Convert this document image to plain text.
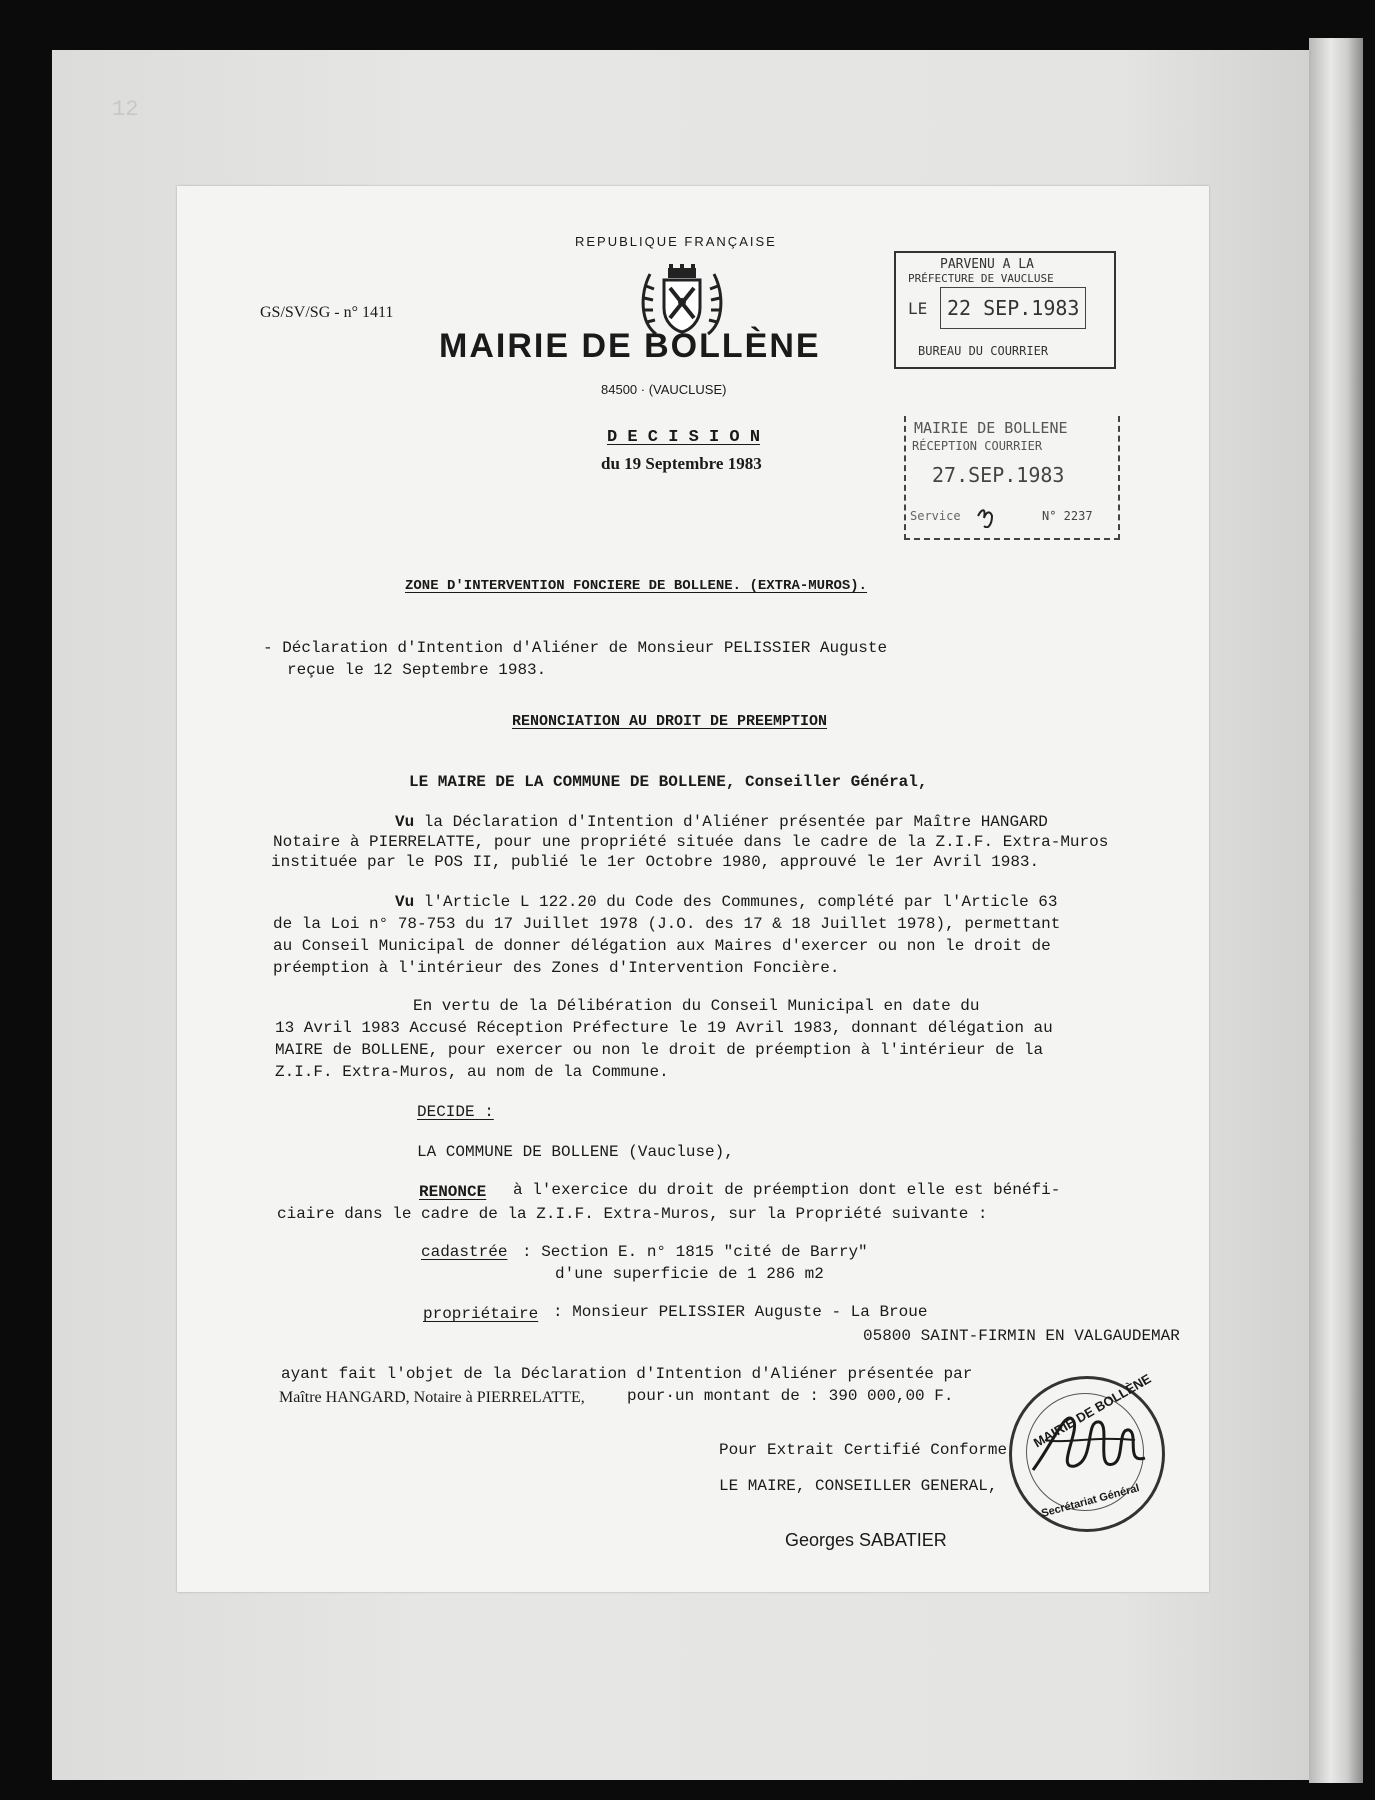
12
GS/SV/SG - n° 1411
REPUBLIQUE FRANÇAISE
MAIRIE DE BOLLÈNE
84500 · (VAUCLUSE)
D E C I S I O N
du 19 Septembre 1983
ZONE D'INTERVENTION FONCIERE DE BOLLENE. (EXTRA-MUROS).
- Déclaration d'Intention d'Aliéner de Monsieur PELISSIER Auguste
reçue le 12 Septembre 1983.
RENONCIATION AU DROIT DE PREEMPTION
LE MAIRE DE LA COMMUNE DE BOLLENE, Conseiller Général,
Vu la Déclaration d'Intention d'Aliéner présentée par Maître HANGARD
Notaire à PIERRELATTE, pour une propriété située dans le cadre de la Z.I.F. Extra-Muros
instituée par le POS II, publié le 1er Octobre 1980, approuvé le 1er Avril 1983.
Vu l'Article L 122.20 du Code des Communes, complété par l'Article 63
de la Loi n° 78-753 du 17 Juillet 1978 (J.O. des 17 & 18 Juillet 1978), permettant
au Conseil Municipal de donner délégation aux Maires d'exercer ou non le droit de
préemption à l'intérieur des Zones d'Intervention Foncière.
En vertu de la Délibération du Conseil Municipal en date du
13 Avril 1983 Accusé Réception Préfecture le 19 Avril 1983, donnant délégation au
MAIRE de BOLLENE, pour exercer ou non le droit de préemption à l'intérieur de la
Z.I.F. Extra-Muros, au nom de la Commune.
DECIDE :
LA COMMUNE DE BOLLENE (Vaucluse),
RENONCE à l'exercice du droit de préemption dont elle est bénéfi-
ciaire dans le cadre de la Z.I.F. Extra-Muros, sur la Propriété suivante :
cadastrée : Section E. n° 1815 "cité de Barry"
d'une superficie de 1 286 m2
propriétaire : Monsieur PELISSIER Auguste - La Broue
05800 SAINT-FIRMIN EN VALGAUDEMAR
ayant fait l'objet de la Déclaration d'Intention d'Aliéner présentée par
Maître HANGARD, Notaire à PIERRELATTE,	pour·un montant de : 390 000,00 F.
Pour Extrait Certifié Conforme
LE MAIRE, CONSEILLER GENERAL,
Georges SABATIER
PARVENU A LA
PRÉFECTURE DE VAUCLUSE
LE 22 SEP.1983
BUREAU DU COURRIER
MAIRIE DE BOLLENE
RÉCEPTION COURRIER
27.SEP.1983
Service	N° 2237
MAIRIE DE BOLLÈNE
Secrétariat Général
